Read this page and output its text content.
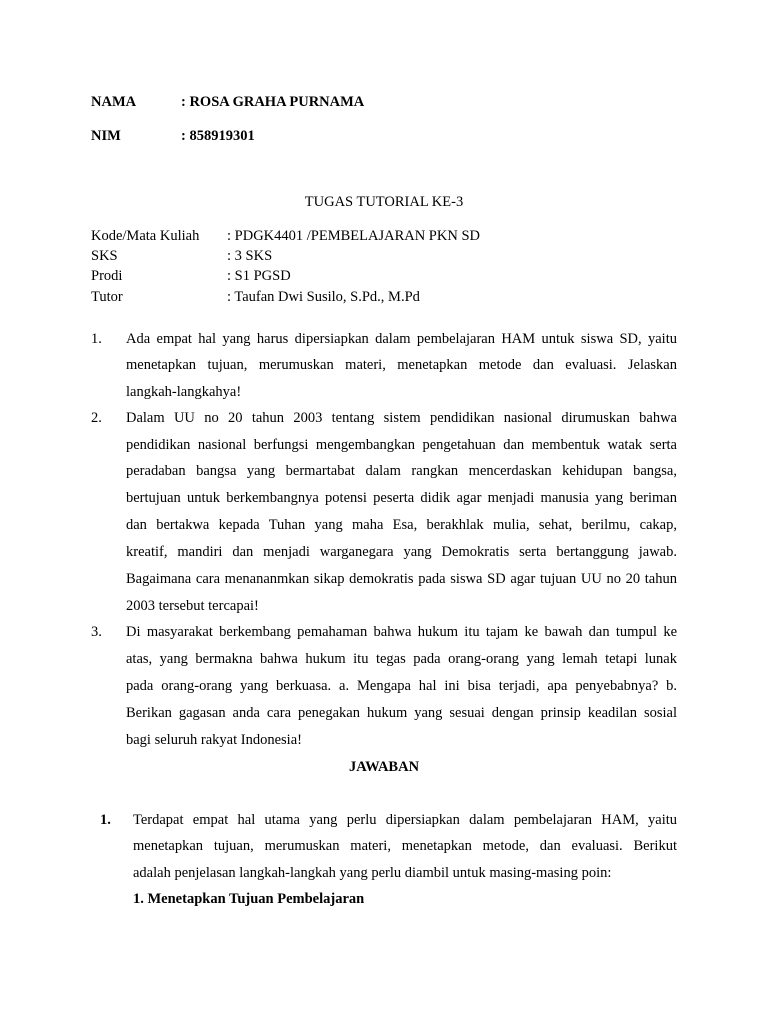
NAMA	: ROSA GRAHA PURNAMA
NIM	: 858919301
TUGAS TUTORIAL KE-3
Kode/Mata Kuliah : PDGK4401 /PEMBELAJARAN PKN SD
SKS	: 3 SKS
Prodi	: S1 PGSD
Tutor	: Taufan Dwi Susilo, S.Pd., M.Pd
1. Ada empat hal yang harus dipersiapkan dalam pembelajaran HAM untuk siswa SD, yaitu
menetapkan tujuan, merumuskan materi, menetapkan metode dan evaluasi. Jelaskan
langkah-langkahya!
2. Dalam UU no 20 tahun 2003 tentang sistem pendidikan nasional dirumuskan bahwa
pendidikan nasional berfungsi mengembangkan pengetahuan dan membentuk watak serta
peradaban bangsa yang bermartabat dalam rangkan mencerdaskan kehidupan bangsa,
bertujuan untuk berkembangnya potensi peserta didik agar menjadi manusia yang beriman
dan bertakwa kepada Tuhan yang maha Esa, berakhlak mulia, sehat, berilmu, cakap,
kreatif, mandiri dan menjadi warganegara yang Demokratis serta bertanggung jawab.
Bagaimana cara menananmkan sikap demokratis pada siswa SD agar tujuan UU no 20 tahun
2003 tersebut tercapai!
3. Di masyarakat berkembang pemahaman bahwa hukum itu tajam ke bawah dan tumpul ke
atas, yang bermakna bahwa hukum itu tegas pada orang-orang yang lemah tetapi lunak
pada orang-orang yang berkuasa. a. Mengapa hal ini bisa terjadi, apa penyebabnya? b.
Berikan gagasan anda cara penegakan hukum yang sesuai dengan prinsip keadilan sosial
bagi seluruh rakyat Indonesia!
JAWABAN
1. Terdapat empat hal utama yang perlu dipersiapkan dalam pembelajaran HAM, yaitu
menetapkan tujuan, merumuskan materi, menetapkan metode, dan evaluasi. Berikut
adalah penjelasan langkah-langkah yang perlu diambil untuk masing-masing poin:
1. Menetapkan Tujuan Pembelajaran
